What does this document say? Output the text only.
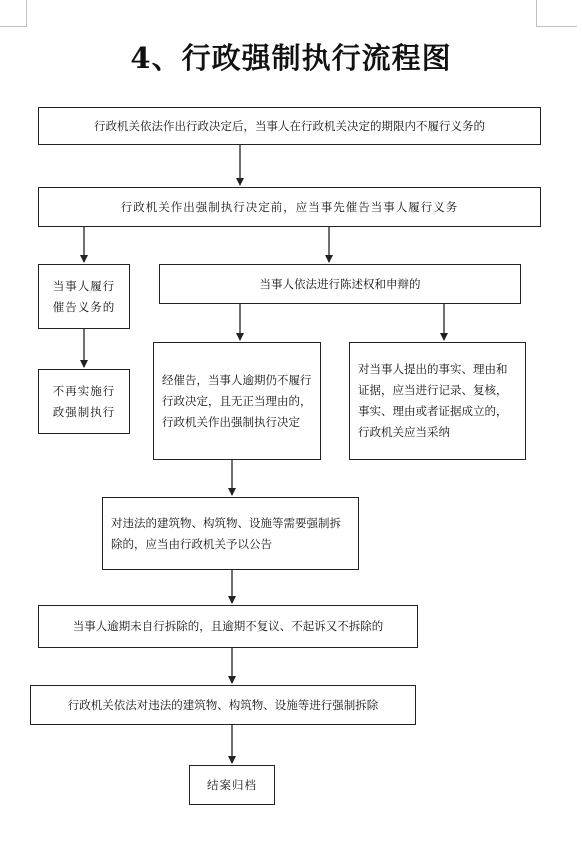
4、行政强制执行流程图
行政机关依法作出行政决定后，当事人在行政机关决定的期限内不履行义务的
行政机关作出强制执行决定前，应当事先催告当事人履行义务
当事人履行催告义务的
当事人依法进行陈述权和申辩的
不再实施行政强制执行
经催告，当事人逾期仍不履行行政决定，且无正当理由的，行政机关作出强制执行决定
对当事人提出的事实、理由和证据，应当进行记录、复核，事实、理由或者证据成立的，行政机关应当采纳
对违法的建筑物、构筑物、设施等需要强制拆除的，应当由行政机关予以公告
当事人逾期未自行拆除的，且逾期不复议、不起诉又不拆除的
行政机关依法对违法的建筑物、构筑物、设施等进行强制拆除
结案归档
